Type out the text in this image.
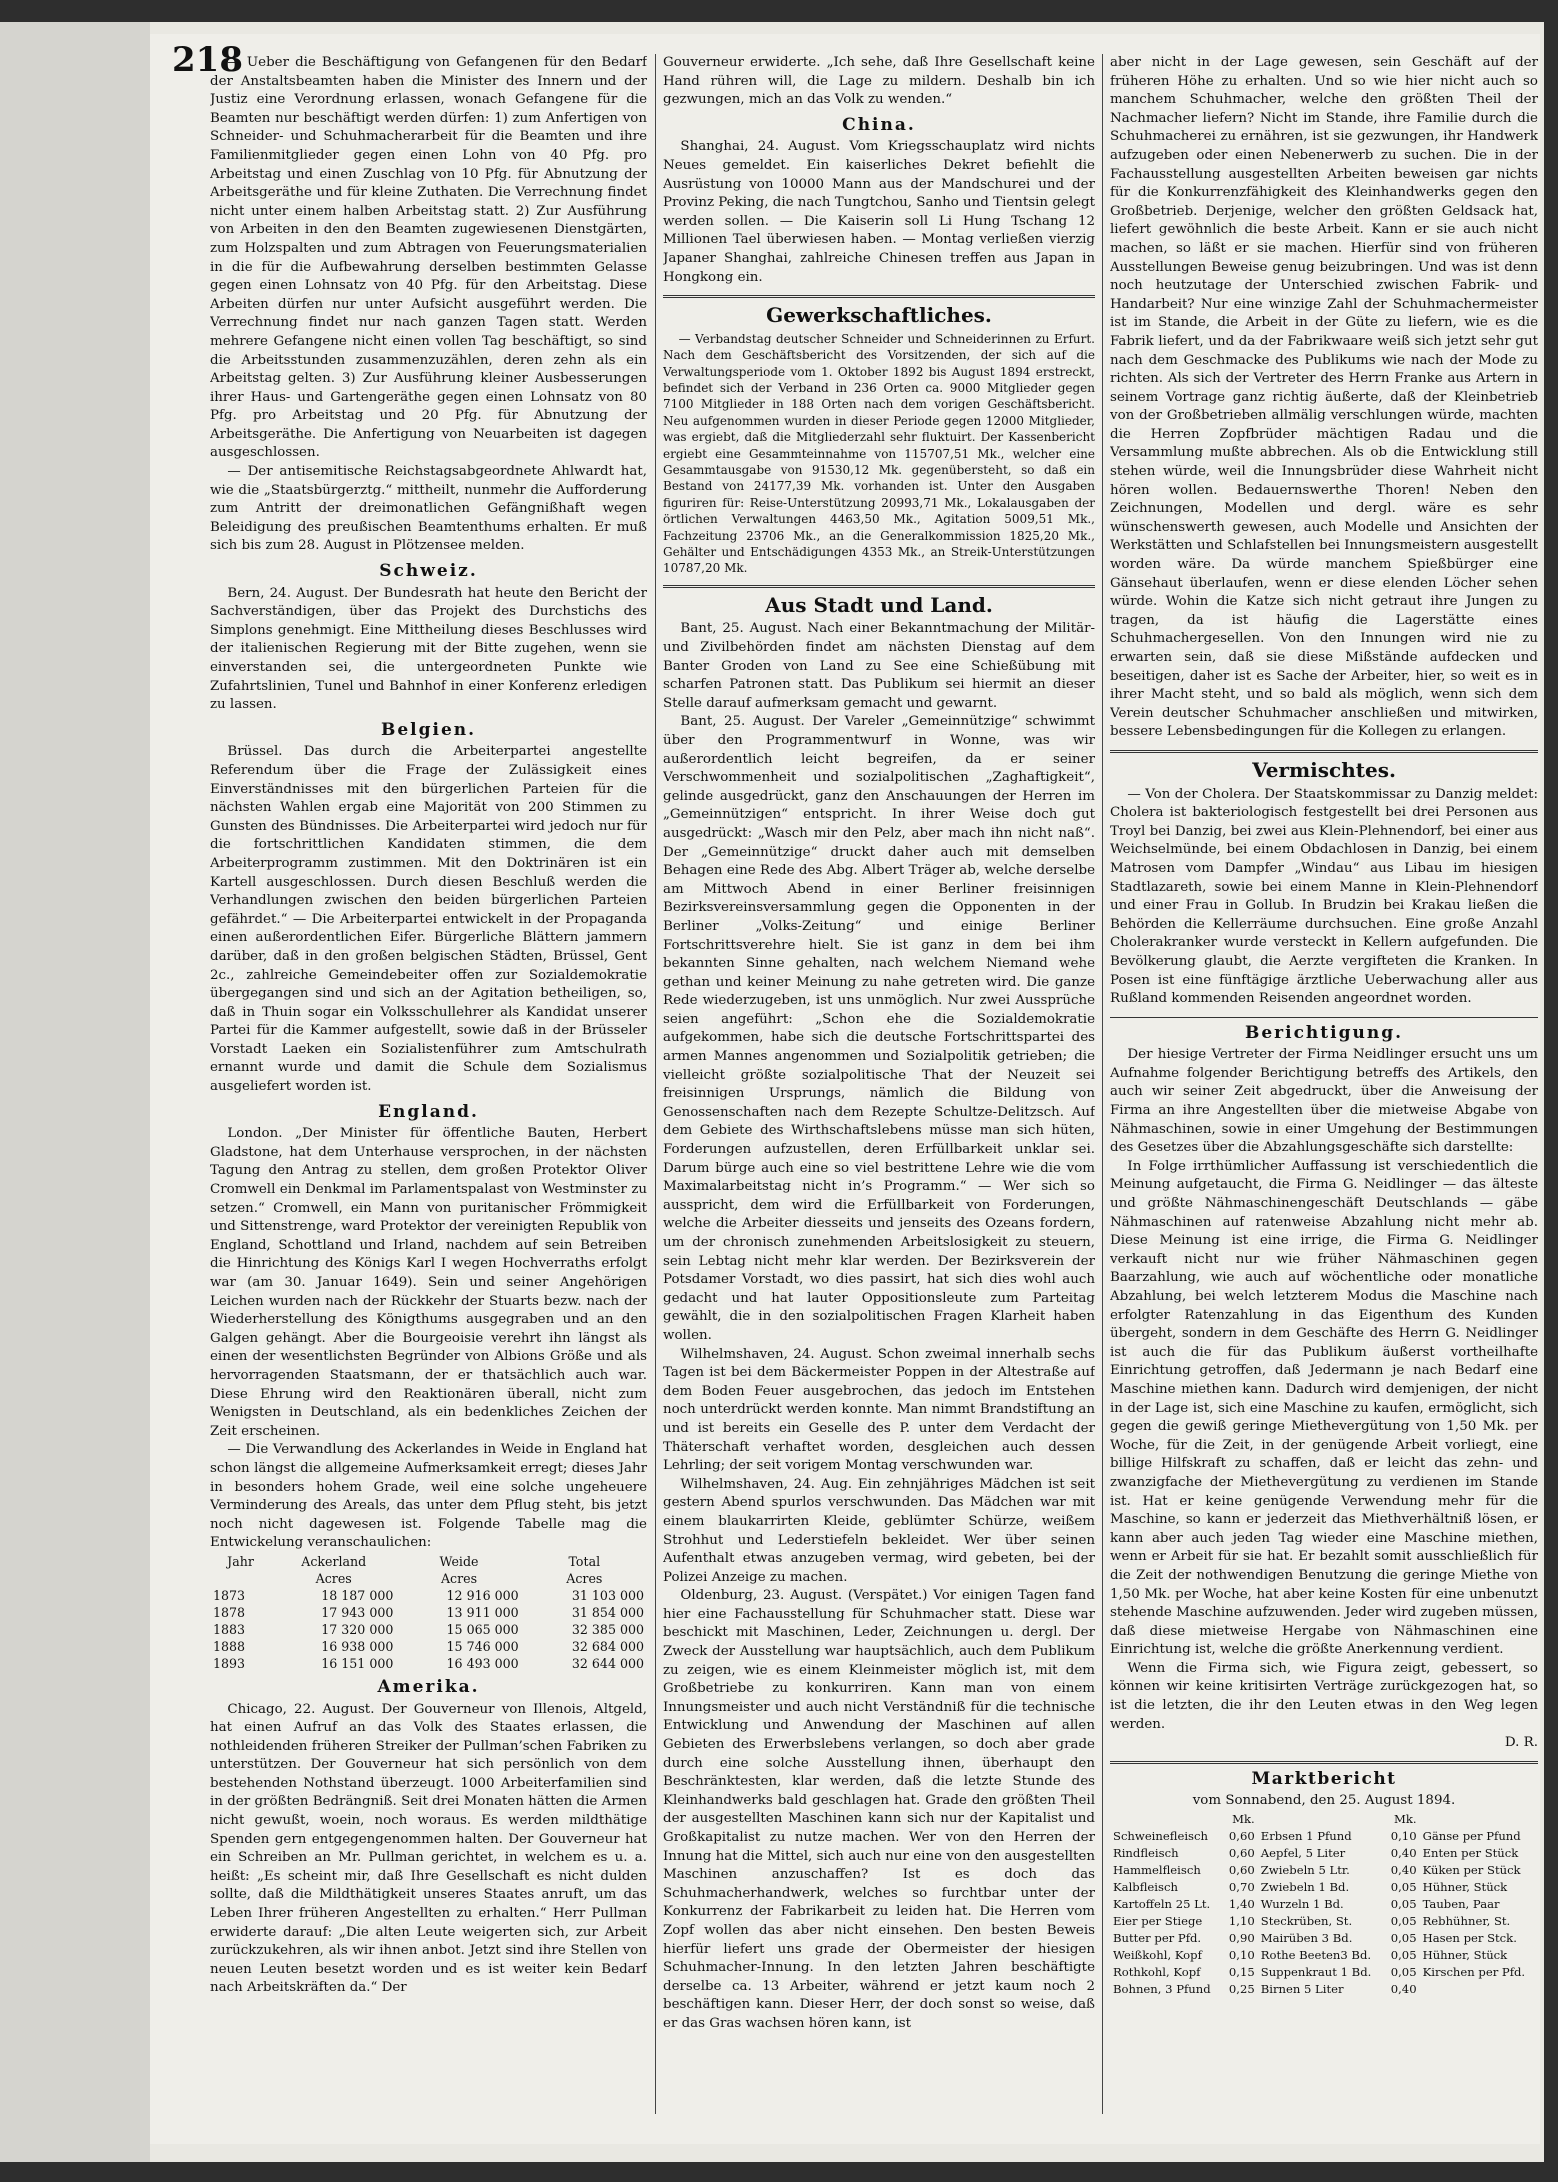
218

— Ueber die Beschäftigung von Gefangenen für den Bedarf der Anstaltsbeamten haben die Minister des Innern und der Justiz eine Verordnung erlassen, wonach Gefangene für die Beamten nur beschäftigt werden dürfen: 1) zum Anfertigen von Schneider- und Schuhmacherarbeit für die Beamten und ihre Familienmitglieder gegen einen Lohn von 40 Pfg. pro Arbeitstag und einen Zuschlag von 10 Pfg. für Abnutzung der Arbeitsgeräthe und für kleine Zuthaten. Die Verrechnung findet nicht unter einem halben Arbeitstag statt. 2) Zur Ausführung von Arbeiten in den den Beamten zugewiesenen Dienstgärten, zum Holzspalten und zum Abtragen von Feuerungsmaterialien in die für die Aufbewahrung derselben bestimmten Gelasse gegen einen Lohnsatz von 40 Pfg. für den Arbeitstag. Diese Arbeiten dürfen nur unter Aufsicht ausgeführt werden. Die Verrechnung findet nur nach ganzen Tagen statt. Werden mehrere Gefangene nicht einen vollen Tag beschäftigt, so sind die Arbeitsstunden zusammenzuzählen, deren zehn als ein Arbeitstag gelten. 3) Zur Ausführung kleiner Ausbesserungen ihrer Haus- und Gartengeräthe gegen einen Lohnsatz von 80 Pfg. pro Arbeitstag und 20 Pfg. für Abnutzung der Arbeitsgeräthe. Die Anfertigung von Neuarbeiten ist dagegen ausgeschlossen.

— Der antisemitische Reichstagsabgeordnete Ahlwardt hat, wie die „Staatsbürgerztg.“ mittheilt, nunmehr die Aufforderung zum Antritt der dreimonatlichen Gefängnißhaft wegen Beleidigung des preußischen Beamtenthums erhalten. Er muß sich bis zum 28. August in Plötzensee melden.

Schweiz.

Bern, 24. August. Der Bundesrath hat heute den Bericht der Sachverständigen, über das Projekt des Durchstichs des Simplons genehmigt. Eine Mittheilung dieses Beschlusses wird der italienischen Regierung mit der Bitte zugehen, wenn sie einverstanden sei, die untergeordneten Punkte wie Zufahrtslinien, Tunel und Bahnhof in einer Konferenz erledigen zu lassen.

Belgien.

Brüssel. Das durch die Arbeiterpartei angestellte Referendum über die Frage der Zulässigkeit eines Einverständnisses mit den bürgerlichen Parteien für die nächsten Wahlen ergab eine Majorität von 200 Stimmen zu Gunsten des Bündnisses. Die Arbeiterpartei wird jedoch nur für die fortschrittlichen Kandidaten stimmen, die dem Arbeiterprogramm zustimmen. Mit den Doktrinären ist ein Kartell ausgeschlossen. Durch diesen Beschluß werden die Verhandlungen zwischen den beiden bürgerlichen Parteien gefährdet.“ — Die Arbeiterpartei entwickelt in der Propaganda einen außerordentlichen Eifer. Bürgerliche Blättern jammern darüber, daß in den großen belgischen Städten, Brüssel, Gent 2c., zahlreiche Gemeindebeiter offen zur Sozialdemokratie übergegangen sind und sich an der Agitation betheiligen, so, daß in Thuin sogar ein Volksschullehrer als Kandidat unserer Partei für die Kammer aufgestellt, sowie daß in der Brüsseler Vorstadt Laeken ein Sozialistenführer zum Amtschulrath ernannt wurde und damit die Schule dem Sozialismus ausgeliefert worden ist.

England.

London. „Der Minister für öffentliche Bauten, Herbert Gladstone, hat dem Unterhause versprochen, in der nächsten Tagung den Antrag zu stellen, dem großen Protektor Oliver Cromwell ein Denkmal im Parlamentspalast von Westminster zu setzen.“ Cromwell, ein Mann von puritanischer Frömmigkeit und Sittenstrenge, ward Protektor der vereinigten Republik von England, Schottland und Irland, nachdem auf sein Betreiben die Hinrichtung des Königs Karl I wegen Hochverraths erfolgt war (am 30. Januar 1649). Sein und seiner Angehörigen Leichen wurden nach der Rückkehr der Stuarts bezw. nach der Wiederherstellung des Königthums ausgegraben und an den Galgen gehängt. Aber die Bourgeoisie verehrt ihn längst als einen der wesentlichsten Begründer von Albions Größe und als hervorragenden Staatsmann, der er thatsächlich auch war. Diese Ehrung wird den Reaktionären überall, nicht zum Wenigsten in Deutschland, als ein bedenkliches Zeichen der Zeit erscheinen.

— Die Verwandlung des Ackerlandes in Weide in England hat schon längst die allgemeine Aufmerksamkeit erregt; dieses Jahr in besonders hohem Grade, weil eine solche ungeheuere Verminderung des Areals, das unter dem Pflug steht, bis jetzt noch nicht dagewesen ist. Folgende Tabelle mag die Entwickelung veranschaulichen:

Jahr	Ackerland	Weide	Total
	Acres	Acres	Acres
1873	18 187 000	12 916 000	31 103 000
1878	17 943 000	13 911 000	31 854 000
1883	17 320 000	15 065 000	32 385 000
1888	16 938 000	15 746 000	32 684 000
1893	16 151 000	16 493 000	32 644 000
Amerika.

Chicago, 22. August. Der Gouverneur von Illenois, Altgeld, hat einen Aufruf an das Volk des Staates erlassen, die nothleidenden früheren Streiker der Pullman’schen Fabriken zu unterstützen. Der Gouverneur hat sich persönlich von dem bestehenden Nothstand überzeugt. 1000 Arbeiterfamilien sind in der größten Bedrängniß. Seit drei Monaten hätten die Armen nicht gewußt, woein, noch woraus. Es werden mildthätige Spenden gern entgegengenommen halten. Der Gouverneur hat ein Schreiben an Mr. Pullman gerichtet, in welchem es u. a. heißt: „Es scheint mir, daß Ihre Gesellschaft es nicht dulden sollte, daß die Mildthätigkeit unseres Staates anruft, um das Leben Ihrer früheren Angestellten zu erhalten.“ Herr Pullman erwiderte darauf: „Die alten Leute weigerten sich, zur Arbeit zurückzukehren, als wir ihnen anbot. Jetzt sind ihre Stellen von neuen Leuten besetzt worden und es ist weiter kein Bedarf nach Arbeitskräften da.“ Der

Gouverneur erwiderte. „Ich sehe, daß Ihre Gesellschaft keine Hand rühren will, die Lage zu mildern. Deshalb bin ich gezwungen, mich an das Volk zu wenden.“

China.

Shanghai, 24. August. Vom Kriegsschauplatz wird nichts Neues gemeldet. Ein kaiserliches Dekret befiehlt die Ausrüstung von 10000 Mann aus der Mandschurei und der Provinz Peking, die nach Tungtchou, Sanho und Tientsin gelegt werden sollen. — Die Kaiserin soll Li Hung Tschang 12 Millionen Tael überwiesen haben. — Montag verließen vierzig Japaner Shanghai, zahlreiche Chinesen treffen aus Japan in Hongkong ein.

Gewerkschaftliches.

— Verbandstag deutscher Schneider und Schneiderinnen zu Erfurt. Nach dem Geschäftsbericht des Vorsitzenden, der sich auf die Verwaltungsperiode vom 1. Oktober 1892 bis August 1894 erstreckt, befindet sich der Verband in 236 Orten ca. 9000 Mitglieder gegen 7100 Mitglieder in 188 Orten nach dem vorigen Geschäftsbericht. Neu aufgenommen wurden in dieser Periode gegen 12000 Mitglieder, was ergiebt, daß die Mitgliederzahl sehr fluktuirt. Der Kassenbericht ergiebt eine Gesammteinnahme von 115707,51 Mk., welcher eine Gesammtausgabe von 91530,12 Mk. gegenübersteht, so daß ein Bestand von 24177,39 Mk. vorhanden ist. Unter den Ausgaben figuriren für: Reise-Unterstützung 20993,71 Mk., Lokalausgaben der örtlichen Verwaltungen 4463,50 Mk., Agitation 5009,51 Mk., Fachzeitung 23706 Mk., an die Generalkommission 1825,20 Mk., Gehälter und Entschädigungen 4353 Mk., an Streik-Unterstützungen 10787,20 Mk.

Aus Stadt und Land.

Bant, 25. August. Nach einer Bekanntmachung der Militär- und Zivilbehörden findet am nächsten Dienstag auf dem Banter Groden von Land zu See eine Schießübung mit scharfen Patronen statt. Das Publikum sei hiermit an dieser Stelle darauf aufmerksam gemacht und gewarnt.

Bant, 25. August. Der Vareler „Gemeinnützige“ schwimmt über den Programmentwurf in Wonne, was wir außerordentlich leicht begreifen, da er seiner Verschwommenheit und sozialpolitischen „Zaghaftigkeit“, gelinde ausgedrückt, ganz den Anschauungen der Herren im „Gemeinnützigen“ entspricht. In ihrer Weise doch gut ausgedrückt: „Wasch mir den Pelz, aber mach ihn nicht naß“. Der „Gemeinnützige“ druckt daher auch mit demselben Behagen eine Rede des Abg. Albert Träger ab, welche derselbe am Mittwoch Abend in einer Berliner freisinnigen Bezirksvereinsversammlung gegen die Opponenten in der Berliner „Volks-Zeitung“ und einige Berliner Fortschrittsverehre hielt. Sie ist ganz in dem bei ihm bekannten Sinne gehalten, nach welchem Niemand wehe gethan und keiner Meinung zu nahe getreten wird. Die ganze Rede wiederzugeben, ist uns unmöglich. Nur zwei Aussprüche seien angeführt: „Schon ehe die Sozialdemokratie aufgekommen, habe sich die deutsche Fortschrittspartei des armen Mannes angenommen und Sozialpolitik getrieben; die vielleicht größte sozialpolitische That der Neuzeit sei freisinnigen Ursprungs, nämlich die Bildung von Genossenschaften nach dem Rezepte Schultze-Delitzsch. Auf dem Gebiete des Wirthschaftslebens müsse man sich hüten, Forderungen aufzustellen, deren Erfüllbarkeit unklar sei. Darum bürge auch eine so viel bestrittene Lehre wie die vom Maximalarbeitstag nicht in’s Programm.“ — Wer sich so ausspricht, dem wird die Erfüllbarkeit von Forderungen, welche die Arbeiter diesseits und jenseits des Ozeans fordern, um der chronisch zunehmenden Arbeitslosigkeit zu steuern, sein Lebtag nicht mehr klar werden. Der Bezirksverein der Potsdamer Vorstadt, wo dies passirt, hat sich dies wohl auch gedacht und hat lauter Oppositionsleute zum Parteitag gewählt, die in den sozialpolitischen Fragen Klarheit haben wollen.

Wilhelmshaven, 24. August. Schon zweimal innerhalb sechs Tagen ist bei dem Bäckermeister Poppen in der Altestraße auf dem Boden Feuer ausgebrochen, das jedoch im Entstehen noch unterdrückt werden konnte. Man nimmt Brandstiftung an und ist bereits ein Geselle des P. unter dem Verdacht der Thäterschaft verhaftet worden, desgleichen auch dessen Lehrling; der seit vorigem Montag verschwunden war.

Wilhelmshaven, 24. Aug. Ein zehnjähriges Mädchen ist seit gestern Abend spurlos verschwunden. Das Mädchen war mit einem blaukarrirten Kleide, geblümter Schürze, weißem Strohhut und Lederstiefeln bekleidet. Wer über seinen Aufenthalt etwas anzugeben vermag, wird gebeten, bei der Polizei Anzeige zu machen.

Oldenburg, 23. August. (Verspätet.) Vor einigen Tagen fand hier eine Fachausstellung für Schuhmacher statt. Diese war beschickt mit Maschinen, Leder, Zeichnungen u. dergl. Der Zweck der Ausstellung war hauptsächlich, auch dem Publikum zu zeigen, wie es einem Kleinmeister möglich ist, mit dem Großbetriebe zu konkurriren. Kann man von einem Innungsmeister und auch nicht Verständniß für die technische Entwicklung und Anwendung der Maschinen auf allen Gebieten des Erwerbslebens verlangen, so doch aber grade durch eine solche Ausstellung ihnen, überhaupt den Beschränktesten, klar werden, daß die letzte Stunde des Kleinhandwerks bald geschlagen hat. Grade den größten Theil der ausgestellten Maschinen kann sich nur der Kapitalist und Großkapitalist zu nutze machen. Wer von den Herren der Innung hat die Mittel, sich auch nur eine von den ausgestellten Maschinen anzuschaffen? Ist es doch das Schuhmacherhandwerk, welches so furchtbar unter der Konkurrenz der Fabrikarbeit zu leiden hat. Die Herren vom Zopf wollen das aber nicht einsehen. Den besten Beweis hierfür liefert uns grade der Obermeister der hiesigen Schuhmacher-Innung. In den letzten Jahren beschäftigte derselbe ca. 13 Arbeiter, während er jetzt kaum noch 2 beschäftigen kann. Dieser Herr, der doch sonst so weise, daß er das Gras wachsen hören kann, ist

aber nicht in der Lage gewesen, sein Geschäft auf der früheren Höhe zu erhalten. Und so wie hier nicht auch so manchem Schuhmacher, welche den größten Theil der Nachmacher liefern? Nicht im Stande, ihre Familie durch die Schuhmacherei zu ernähren, ist sie gezwungen, ihr Handwerk aufzugeben oder einen Nebenerwerb zu suchen. Die in der Fachausstellung ausgestellten Arbeiten beweisen gar nichts für die Konkurrenzfähigkeit des Kleinhandwerks gegen den Großbetrieb. Derjenige, welcher den größten Geldsack hat, liefert gewöhnlich die beste Arbeit. Kann er sie auch nicht machen, so läßt er sie machen. Hierfür sind von früheren Ausstellungen Beweise genug beizubringen. Und was ist denn noch heutzutage der Unterschied zwischen Fabrik- und Handarbeit? Nur eine winzige Zahl der Schuhmachermeister ist im Stande, die Arbeit in der Güte zu liefern, wie es die Fabrik liefert, und da der Fabrikwaare weiß sich jetzt sehr gut nach dem Geschmacke des Publikums wie nach der Mode zu richten. Als sich der Vertreter des Herrn Franke aus Artern in seinem Vortrage ganz richtig äußerte, daß der Kleinbetrieb von der Großbetrieben allmälig verschlungen würde, machten die Herren Zopfbrüder mächtigen Radau und die Versammlung mußte abbrechen. Als ob die Entwicklung still stehen würde, weil die Innungsbrüder diese Wahrheit nicht hören wollen. Bedauernswerthe Thoren! Neben den Zeichnungen, Modellen und dergl. wäre es sehr wünschenswerth gewesen, auch Modelle und Ansichten der Werkstätten und Schlafstellen bei Innungsmeistern ausgestellt worden wäre. Da würde manchem Spießbürger eine Gänsehaut überlaufen, wenn er diese elenden Löcher sehen würde. Wohin die Katze sich nicht getraut ihre Jungen zu tragen, da ist häufig die Lagerstätte eines Schuhmachergesellen. Von den Innungen wird nie zu erwarten sein, daß sie diese Mißstände aufdecken und beseitigen, daher ist es Sache der Arbeiter, hier, so weit es in ihrer Macht steht, und so bald als möglich, wenn sich dem Verein deutscher Schuhmacher anschließen und mitwirken, bessere Lebensbedingungen für die Kollegen zu erlangen.

Vermischtes.

— Von der Cholera. Der Staatskommissar zu Danzig meldet: Cholera ist bakteriologisch festgestellt bei drei Personen aus Troyl bei Danzig, bei zwei aus Klein-Plehnendorf, bei einer aus Weichselmünde, bei einem Obdachlosen in Danzig, bei einem Matrosen vom Dampfer „Windau“ aus Libau im hiesigen Stadtlazareth, sowie bei einem Manne in Klein-Plehnendorf und einer Frau in Gollub. In Brudzin bei Krakau ließen die Behörden die Kellerräume durchsuchen. Eine große Anzahl Cholerakranker wurde versteckt in Kellern aufgefunden. Die Bevölkerung glaubt, die Aerzte vergifteten die Kranken. In Posen ist eine fünftägige ärztliche Ueberwachung aller aus Rußland kommenden Reisenden angeordnet worden.

Berichtigung.

Der hiesige Vertreter der Firma Neidlinger ersucht uns um Aufnahme folgender Berichtigung betreffs des Artikels, den auch wir seiner Zeit abgedruckt, über die Anweisung der Firma an ihre Angestellten über die mietweise Abgabe von Nähmaschinen, sowie in einer Umgehung der Bestimmungen des Gesetzes über die Abzahlungsgeschäfte sich darstellte:

In Folge irrthümlicher Auffassung ist verschiedentlich die Meinung aufgetaucht, die Firma G. Neidlinger — das älteste und größte Nähmaschinengeschäft Deutschlands — gäbe Nähmaschinen auf ratenweise Abzahlung nicht mehr ab. Diese Meinung ist eine irrige, die Firma G. Neidlinger verkauft nicht nur wie früher Nähmaschinen gegen Baarzahlung, wie auch auf wöchentliche oder monatliche Abzahlung, bei welch letzterem Modus die Maschine nach erfolgter Ratenzahlung in das Eigenthum des Kunden übergeht, sondern in dem Geschäfte des Herrn G. Neidlinger ist auch die für das Publikum äußerst vortheilhafte Einrichtung getroffen, daß Jedermann je nach Bedarf eine Maschine miethen kann. Dadurch wird demjenigen, der nicht in der Lage ist, sich eine Maschine zu kaufen, ermöglicht, sich gegen die gewiß geringe Miethevergütung von 1,50 Mk. per Woche, für die Zeit, in der genügende Arbeit vorliegt, eine billige Hilfskraft zu schaffen, daß er leicht das zehn- und zwanzigfache der Miethevergütung zu verdienen im Stande ist. Hat er keine genügende Verwendung mehr für die Maschine, so kann er jederzeit das Miethverhältniß lösen, er kann aber auch jeden Tag wieder eine Maschine miethen, wenn er Arbeit für sie hat. Er bezahlt somit ausschließlich für die Zeit der nothwendigen Benutzung die geringe Miethe von 1,50 Mk. per Woche, hat aber keine Kosten für eine unbenutzt stehende Maschine aufzuwenden. Jeder wird zugeben müssen, daß diese mietweise Hergabe von Nähmaschinen eine Einrichtung ist, welche die größte Anerkennung verdient.

Wenn die Firma sich, wie Figura zeigt, gebessert, so können wir keine kritisirten Verträge zurückgezogen hat, so ist die letzten, die ihr den Leuten etwas in den Weg legen werden.

D. R.
Marktbericht
vom Sonnabend, den 25. August 1894.
	Mk.		Mk.	
Schweinefleisch	0,60	Erbsen 1 Pfund	0,10	Gänse per Pfund
Rindfleisch	0,60	Aepfel, 5 Liter	0,40	Enten per Stück
Hammelfleisch	0,60	Zwiebeln 5 Ltr.	0,40	Küken per Stück
Kalbfleisch	0,70	Zwiebeln 1 Bd.	0,05	Hühner, Stück
Kartoffeln 25 Lt.	1,40	Wurzeln 1 Bd.	0,05	Tauben, Paar
Eier per Stiege	1,10	Steckrüben, St.	0,05	Rebhühner, St.
Butter per Pfd.	0,90	Mairüben 3 Bd.	0,05	Hasen per Stck.
Weißkohl, Kopf	0,10	Rothe Beeten3 Bd.	0,05	Hühner, Stück
Rothkohl, Kopf	0,15	Suppenkraut 1 Bd.	0,05	Kirschen per Pfd.
Bohnen, 3 Pfund	0,25	Birnen 5 Liter	0,40	
